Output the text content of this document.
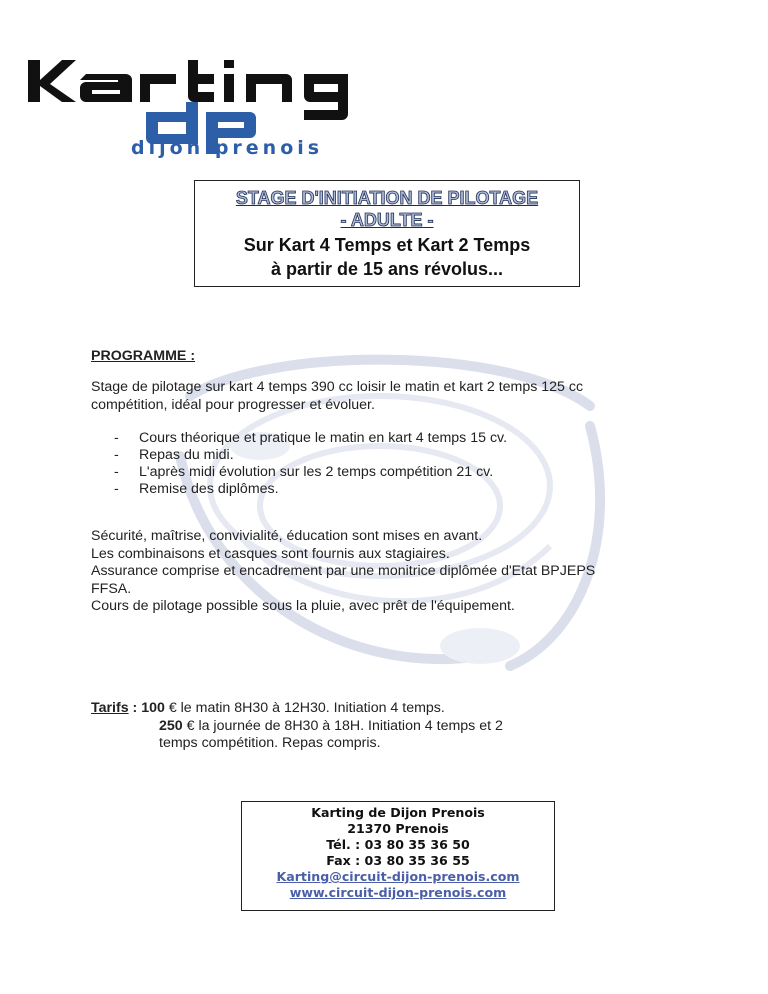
dijon prenois
STAGE D'INITIATION DE PILOTAGE
- ADULTE -
Sur Kart 4 Temps et Kart 2 Temps
à partir de 15 ans révolus...
PROGRAMME :
Stage de pilotage sur kart 4 temps 390 cc loisir le matin et kart 2 temps 125 cc
compétition, idéal pour progresser et évoluer.
- Cours théorique et pratique le matin en kart 4 temps 15 cv.
- Repas du midi.
- L'après midi évolution sur les 2 temps compétition 21 cv.
- Remise des diplômes.
Sécurité, maîtrise, convivialité, éducation sont mises en avant.
Les combinaisons et casques sont fournis aux stagiaires.
Assurance comprise et encadrement par une monitrice diplômée d'Etat BPJEPS
FFSA.
Cours de pilotage possible sous la pluie, avec prêt de l'équipement.
Tarifs : 100 € le matin 8H30 à 12H30. Initiation 4 temps.
250 € la journée de 8H30 à 18H. Initiation 4 temps et 2
temps compétition. Repas compris.
Karting de Dijon Prenois
21370 Prenois
Tél. : 03 80 35 36 50
Fax : 03 80 35 36 55
Karting@circuit-dijon-prenois.com
www.circuit-dijon-prenois.com
